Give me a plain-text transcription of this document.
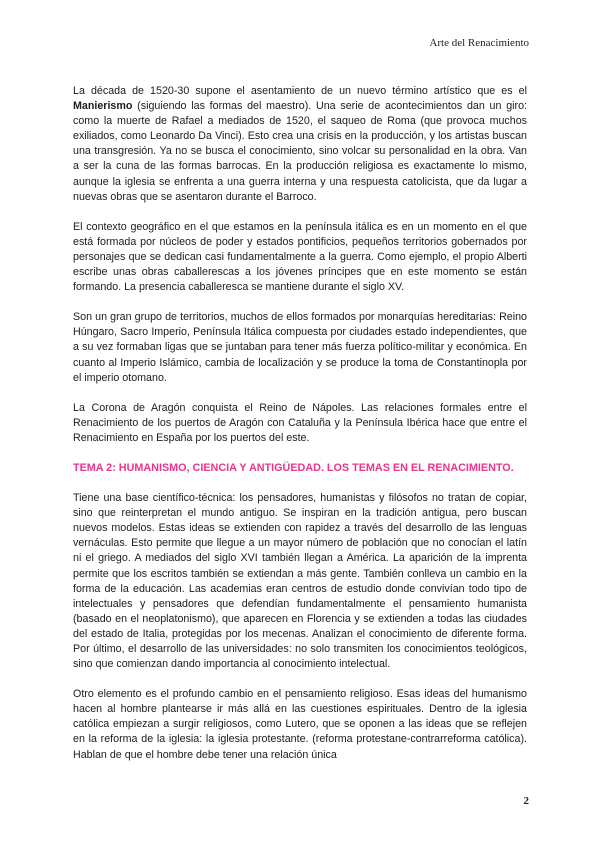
Arte del Renacimiento

La década de 1520-30 supone el asentamiento de un nuevo término artístico que es el Manierismo (siguiendo las formas del maestro). Una serie de acontecimientos dan un giro: como la muerte de Rafael a mediados de 1520, el saqueo de Roma (que provoca muchos exiliados, como Leonardo Da Vinci). Esto crea una crisis en la producción, y los artistas buscan una transgresión. Ya no se busca el conocimiento, sino volcar su personalidad en la obra. Van a ser la cuna de las formas barrocas. En la producción religiosa es exactamente lo mismo, aunque la iglesia se enfrenta a una guerra interna y una respuesta catolicista, que da lugar a nuevas obras que se asentaron durante el Barroco.

El contexto geográfico en el que estamos en la península itálica es en un momento en el que está formada por núcleos de poder y estados pontificios, pequeños territorios gobernados por personajes que se dedican casi fundamentalmente a la guerra. Como ejemplo, el propio Alberti escribe unas obras caballerescas a los jóvenes príncipes que en este momento se están formando. La presencia caballeresca se mantiene durante el siglo XV.

Son un gran grupo de territorios, muchos de ellos formados por monarquías hereditarias: Reino Húngaro, Sacro Imperio, Península Itálica compuesta por ciudades estado independientes, que a su vez formaban ligas que se juntaban para tener más fuerza político-militar y económica. En cuanto al Imperio Islámico, cambia de localización y se produce la toma de Constantinopla por el imperio otomano.

La Corona de Aragón conquista el Reino de Nápoles. Las relaciones formales entre el Renacimiento de los puertos de Aragón con Cataluña y la Península Ibérica hace que entre el Renacimiento en España por los puertos del este.

TEMA 2: HUMANISMO, CIENCIA Y ANTIGÜEDAD. LOS TEMAS EN EL RENACIMIENTO.

Tiene una base científico-técnica: los pensadores, humanistas y filósofos no tratan de copiar, sino que reinterpretan el mundo antiguo. Se inspiran en la tradición antigua, pero buscan nuevos modelos. Estas ideas se extienden con rapidez a través del desarrollo de las lenguas vernáculas. Esto permite que llegue a un mayor número de población que no conocían el latín ni el griego. A mediados del siglo XVI también llegan a América. La aparición de la imprenta permite que los escritos también se extiendan a más gente. También conlleva un cambio en la forma de la educación. Las academias eran centros de estudio donde convivían todo tipo de intelectuales y pensadores que defendían fundamentalmente el pensamiento humanista (basado en el neoplatonismo), que aparecen en Florencia y se extienden a todas las ciudades del estado de Italia, protegidas por los mecenas. Analizan el conocimiento de diferente forma. Por último, el desarrollo de las universidades: no solo transmiten los conocimientos teológicos, sino que comienzan dando importancia al conocimiento intelectual.

Otro elemento es el profundo cambio en el pensamiento religioso. Esas ideas del humanismo hacen al hombre plantearse ir más allá en las cuestiones espirituales. Dentro de la iglesia católica empiezan a surgir religiosos, como Lutero, que se oponen a las ideas que se reflejen en la reforma de la iglesia: la iglesia protestante. (reforma protestane-contrarreforma católica). Hablan de que el hombre debe tener una relación única

2
